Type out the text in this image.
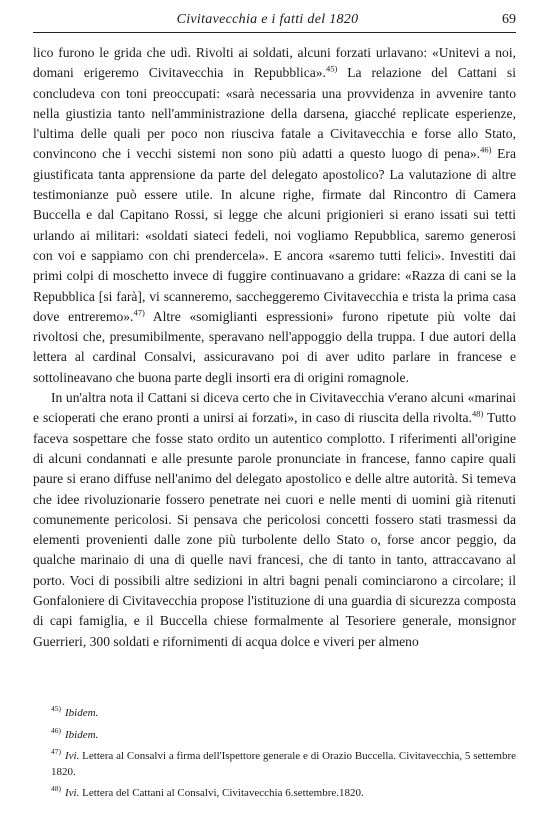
Civitavecchia e i fatti del 1820	69

lico furono le grida che udì. Rivolti ai soldati, alcuni forzati urlavano: «Unitevi a noi, domani erigeremo Civitavecchia in Repubblica».$^{45)}$ La relazione del Cattani si concludeva con toni preoccupati: «sarà necessaria una provvidenza in avvenire tanto nella giustizia tanto nell'amministrazione della darsena, giacché replicate esperienze, l'ultima delle quali per poco non riusciva fatale a Civitavecchia e forse allo Stato, convincono che i vecchi sistemi non sono più adatti a questo luogo di pena».$^{46)}$ Era giustificata tanta apprensione da parte del delegato apostolico? La valutazione di altre testimonianze può essere utile. In alcune righe, firmate dal Rincontro di Camera Buccella e dal Capitano Rossi, si legge che alcuni prigionieri si erano issati sui tetti urlando ai militari: «soldati siateci fedeli, noi vogliamo Repubblica, saremo generosi con voi e sappiamo con chi prendercela». E ancora «saremo tutti felici». Investiti dai primi colpi di moschetto invece di fuggire continuavano a gridare: «Razza di cani se la Repubblica [si farà], vi scanneremo, saccheggeremo Civitavecchia e trista la prima casa dove entreremo».$^{47)}$ Altre «somiglianti espressioni» furono ripetute più volte dai rivoltosi che, presumibilmente, speravano nell'appoggio della truppa. I due autori della lettera al cardinal Consalvi, assicuravano poi di aver udito parlare in francese e sottolineavano che buona parte degli insorti era di origini romagnole.

In un'altra nota il Cattani si diceva certo che in Civitavecchia v'erano alcuni «marinai e scioperati che erano pronti a unirsi ai forzati», in caso di riuscita della rivolta.$^{48)}$ Tutto faceva sospettare che fosse stato ordito un autentico complotto. I riferimenti all'origine di alcuni condannati e alle presunte parole pronunciate in francese, fanno capire quali paure si erano diffuse nell'animo del delegato apostolico e delle altre autorità. Si temeva che idee rivoluzionarie fossero penetrate nei cuori e nelle menti di uomini già ritenuti comunemente pericolosi. Si pensava che pericolosi concetti fossero stati trasmessi da elementi provenienti dalle zone più turbolente dello Stato o, forse ancor peggio, da qualche marinaio di una di quelle navi francesi, che di tanto in tanto, attraccavano al porto. Voci di possibili altre sedizioni in altri bagni penali cominciarono a circolare; il Gonfaloniere di Civitavecchia propose l'istituzione di una guardia di sicurezza composta di capi famiglia, e il Buccella chiese formalmente al Tesoriere generale, monsignor Guerrieri, 300 soldati e rifornimenti di acqua dolce e viveri per almeno

$^{45)}$ Ibidem.

$^{46)}$ Ibidem.

$^{47)}$ Ivi. Lettera al Consalvi a firma dell'Ispettore generale e di Orazio Buccella. Civitavecchia, 5 settembre 1820.

$^{48)}$ Ivi. Lettera del Cattani al Consalvi, Civitavecchia 6.settembre.1820.
